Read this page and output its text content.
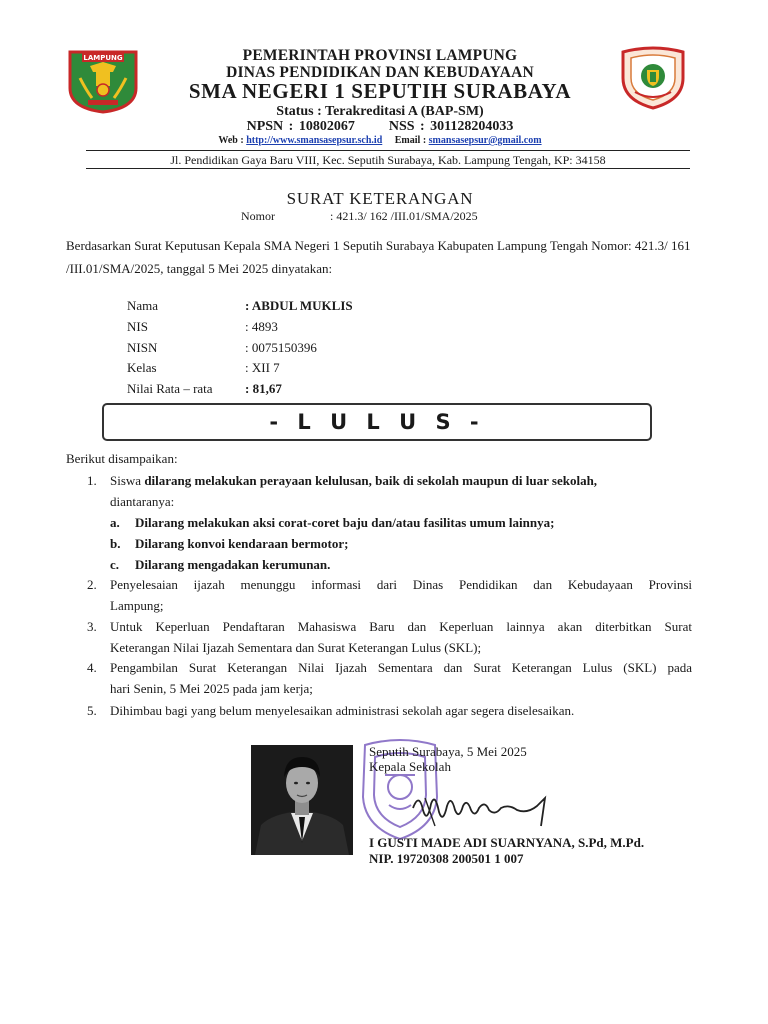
LAMPUNG	PEMERINTAH PROVINSI LAMPUNG
DINAS PENDIDIKAN DAN KEBUDAYAAN
SMA NEGERI 1 SEPUTIH SURABAYA
Status : Terakreditasi A (BAP-SM)
NPSN : 10802067 NSS : 301128204033
Web : http://www.smansasepsur.sch.id Email : smansasepsur@gmail.com
Jl. Pendidikan Gaya Baru VIII, Kec. Seputih Surabaya, Kab. Lampung Tengah, KP: 34158
SURAT KETERANGAN
Nomor	: 421.3/ 162 /III.01/SMA/2025
Berdasarkan Surat Keputusan Kepala SMA Negeri 1 Seputih Surabaya Kabupaten Lampung Tengah Nomor: 421.3/ 161 /III.01/SMA/2025, tanggal 5 Mei 2025 dinyatakan:
Nama	: ABDUL MUKLIS
NIS	: 4893
NISN	: 0075150396
Kelas	: XII 7
Nilai Rata – rata : 81,67
- L U L U S -
Berikut disampaikan:
1. Siswa dilarang melakukan perayaan kelulusan, baik di sekolah maupun di luar sekolah,
diantaranya:
a. Dilarang melakukan aksi corat-coret baju dan/atau fasilitas umum lainnya;
b. Dilarang konvoi kendaraan bermotor;
c. Dilarang mengadakan kerumunan.
2. Penyelesaian ijazah menunggu informasi dari Dinas Pendidikan dan Kebudayaan Provinsi
Lampung;
3. Untuk Keperluan Pendaftaran Mahasiswa Baru dan Keperluan lainnya akan diterbitkan Surat
Keterangan Nilai Ijazah Sementara dan Surat Keterangan Lulus (SKL);
4. Pengambilan Surat Keterangan Nilai Ijazah Sementara dan Surat Keterangan Lulus (SKL) pada
hari Senin, 5 Mei 2025 pada jam kerja;
5. Dihimbau bagi yang belum menyelesaikan administrasi sekolah agar segera diselesaikan.
Seputih Surabaya, 5 Mei 2025
Kepala Sekolah
I GUSTI MADE ADI SUARNYANA, S.Pd, M.Pd.
NIP. 19720308 200501 1 007
